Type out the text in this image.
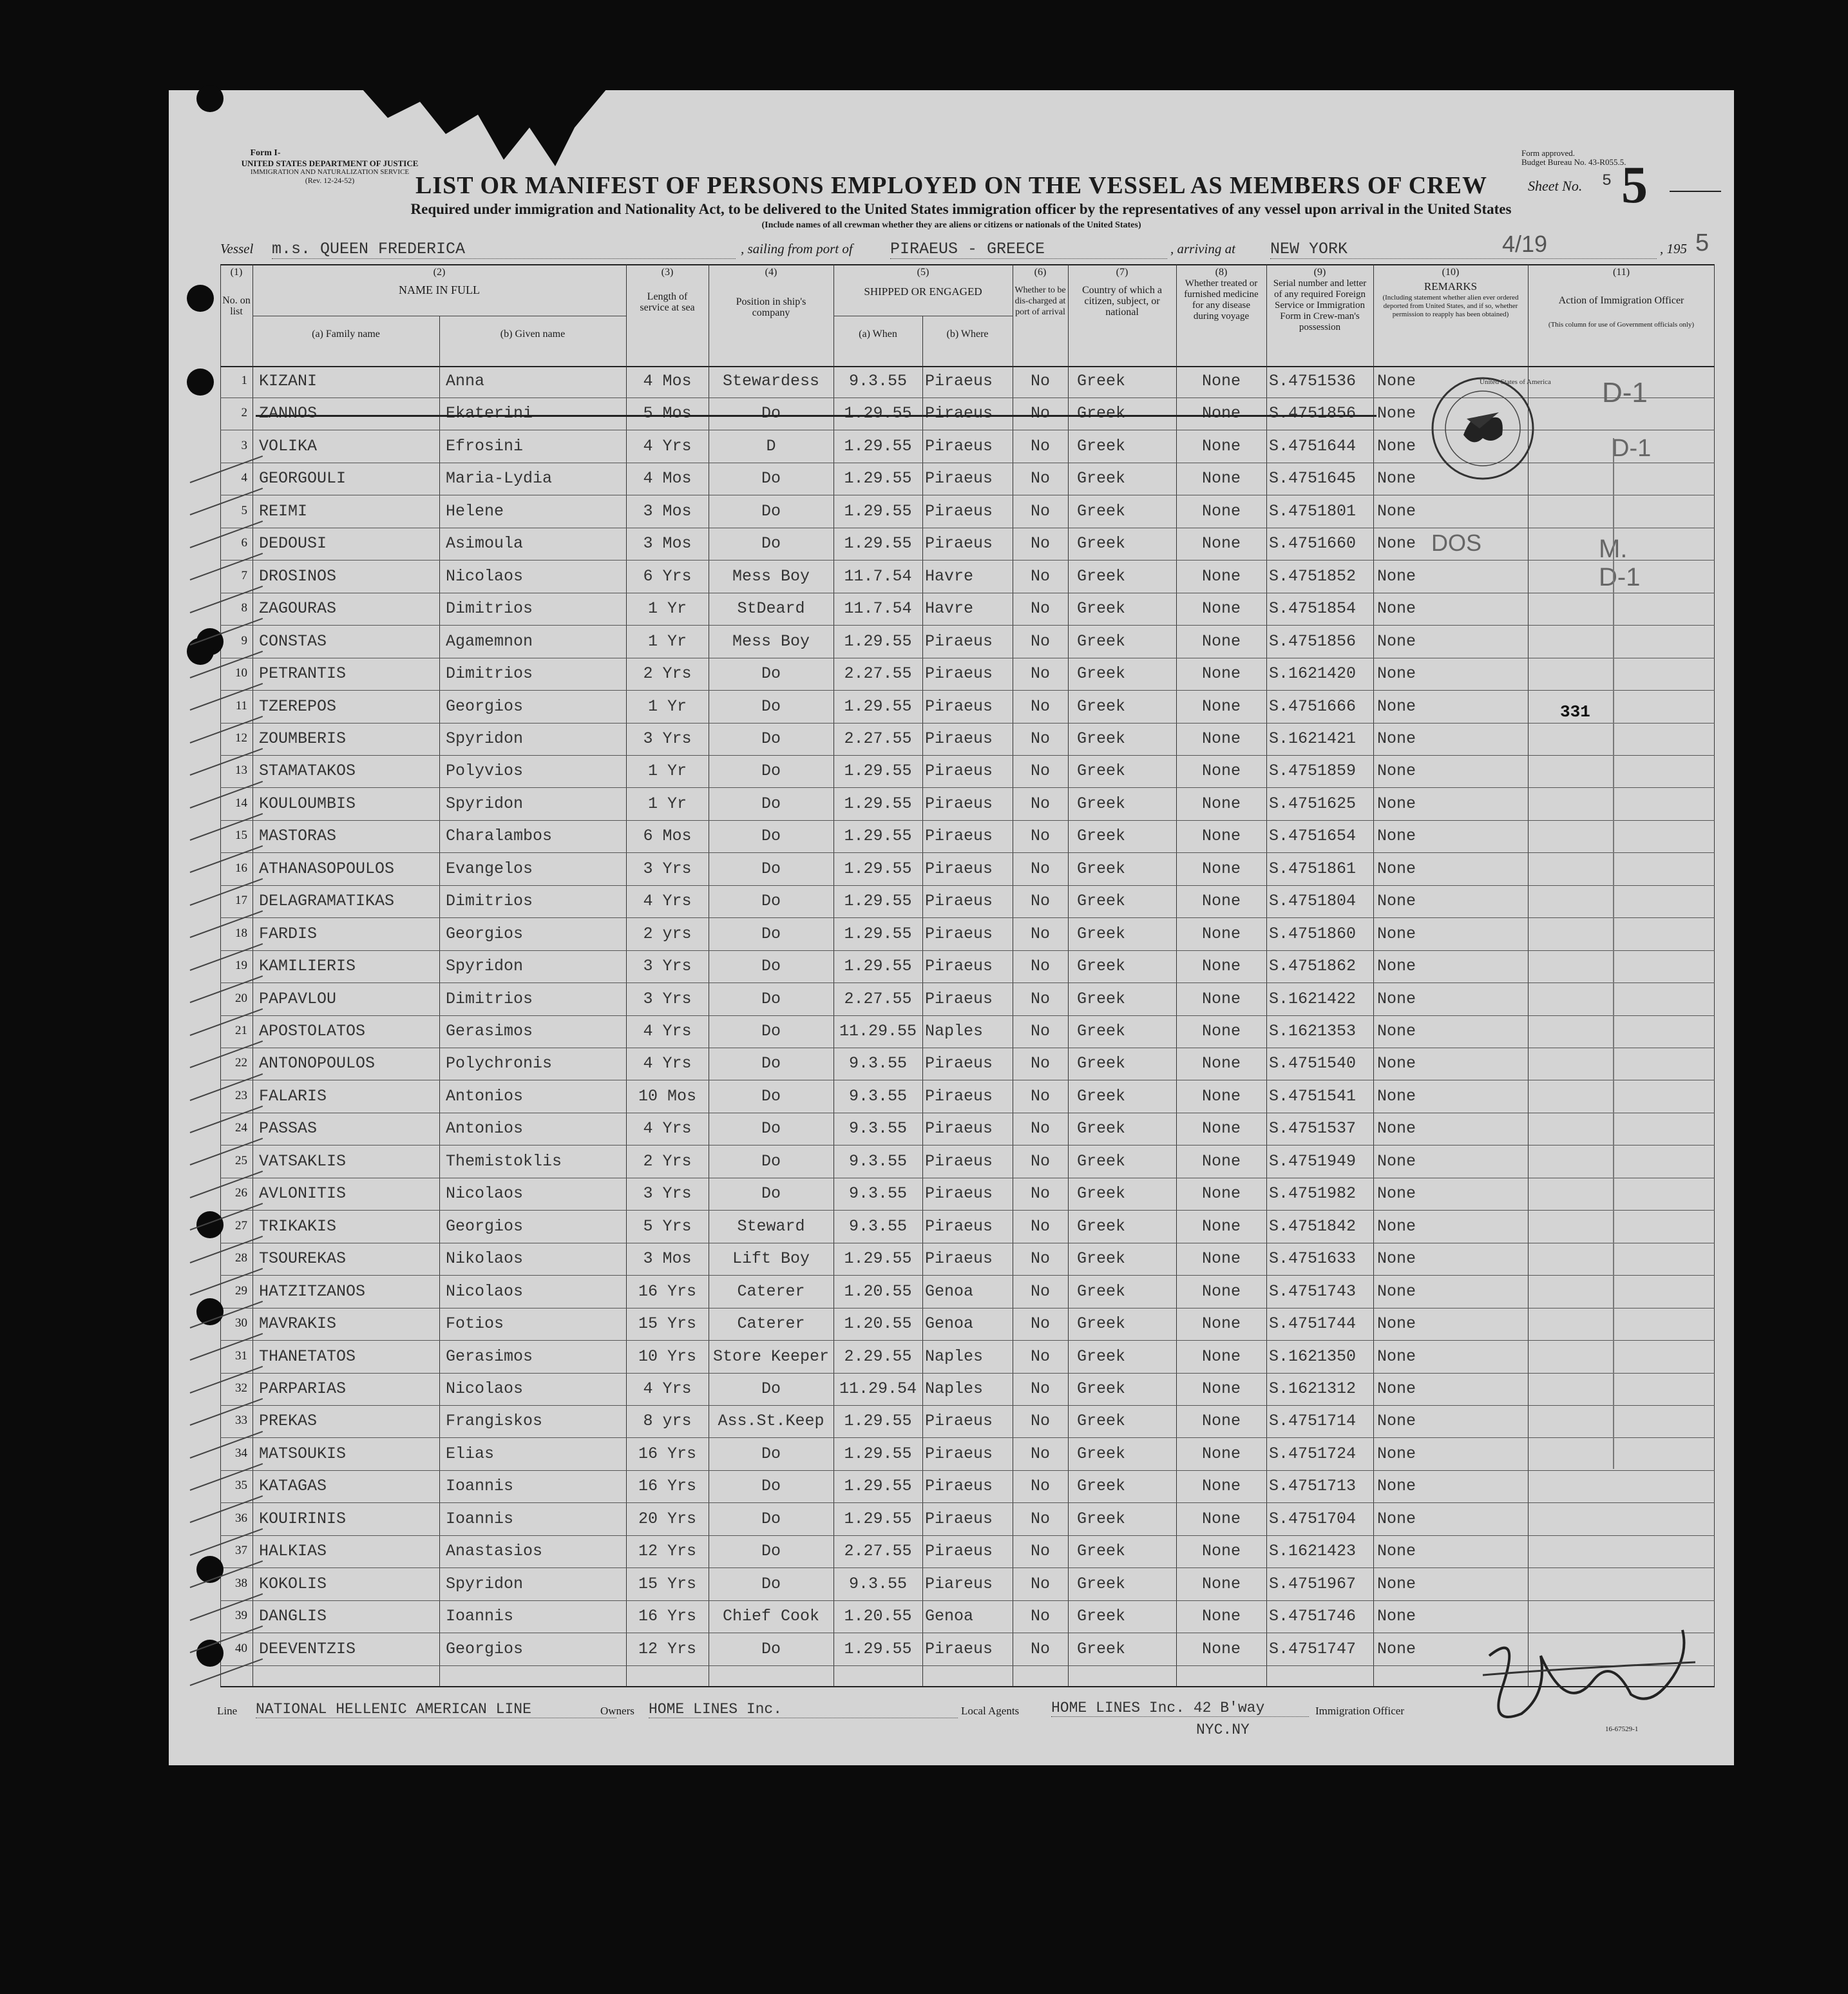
Form I-
UNITED STATES DEPARTMENT OF JUSTICE
IMMIGRATION AND NATURALIZATION SERVICE
(Rev. 12-24-52)
Form approved.
Budget Bureau No. 43-R055.5.
LIST OR MANIFEST OF PERSONS EMPLOYED ON THE VESSEL AS MEMBERS OF CREW
Required under immigration and Nationality Act, to be delivered to the United States immigration officer by the representatives of any vessel upon arrival in the United States
(Include names of all crewman whether they are aliens or citizens or nationals of the United States)
Sheet No. 5 5
Vessel m.s. QUEEN FREDERICA	, sailing from port of PIRAEUS - GREECE	, arriving at NEW YORK	4/19	, 195 5
(1)
No. on list
(2)
NAME IN FULL
(a) Family name	(b) Given name
(3)
Length of service at sea
(4)
Position in ship's company
(5)
SHIPPED OR ENGAGED
(a) When	(b) Where
(6)
Whether to be dis-charged at port of arrival
(7)
Country of which a citizen, subject, or national
(8)
Whether treated or furnished medicine for any disease during voyage
(9)
Serial number and letter of any required Foreign Service or Immigration Form in Crew-man's possession
(10)
REMARKS
(Including statement whether alien ever ordered deported from United States, and if so, whether permission to reapply has been obtained)
(11)
Action of Immigration Officer
(This column for use of Government officials only)
1 KIZANI	Anna	4 Mos	Stewardess	9.3.55	Piraeus	No	Greek	None	S.4751536	None
2 ZANNOS	Ekaterini	5 Mos	Do	1.29.55 Piraeus	No	Greek	None	S.4751856	None
3 VOLIKA	Efrosini	4 Yrs	D	1.29.55 Piraeus	No	Greek	None	S.4751644	None
4 GEORGOULI	Maria-Lydia	4 Mos	Do	1.29.55 Piraeus	No	Greek	None	S.4751645	None
5 REIMI	Helene	3 Mos	Do	1.29.55 Piraeus	No	Greek	None	S.4751801	None
6 DEDOUSI	Asimoula	3 Mos	Do	1.29.55 Piraeus	No	Greek	None	S.4751660	None
7 DROSINOS	Nicolaos	6 Yrs	Mess Boy	11.7.54 Havre	No	Greek	None	S.4751852	None
8 ZAGOURAS	Dimitrios	1 Yr	StDeard	11.7.54 Havre	No	Greek	None	S.4751854	None
9 CONSTAS	Agamemnon	1 Yr	Mess Boy	1.29.55 Piraeus	No	Greek	None	S.4751856	None
10 PETRANTIS	Dimitrios	2 Yrs	Do	2.27.55 Piraeus	No	Greek	None	S.1621420	None
11 TZEREPOS	Georgios	1 Yr	Do	1.29.55 Piraeus	No	Greek	None	S.4751666	None
12 ZOUMBERIS	Spyridon	3 Yrs	Do	2.27.55 Piraeus	No	Greek	None	S.1621421	None
13 STAMATAKOS	Polyvios	1 Yr	Do	1.29.55 Piraeus	No	Greek	None	S.4751859	None
14 KOULOUMBIS	Spyridon	1 Yr	Do	1.29.55 Piraeus	No	Greek	None	S.4751625	None
15 MASTORAS	Charalambos	6 Mos	Do	1.29.55 Piraeus	No	Greek	None	S.4751654	None
16 ATHANASOPOULOS	Evangelos	3 Yrs	Do	1.29.55 Piraeus	No	Greek	None	S.4751861	None
17 DELAGRAMATIKAS	Dimitrios	4 Yrs	Do	1.29.55 Piraeus	No	Greek	None	S.4751804	None
18 FARDIS	Georgios	2 yrs	Do	1.29.55 Piraeus	No	Greek	None	S.4751860	None
19 KAMILIERIS	Spyridon	3 Yrs	Do	1.29.55 Piraeus	No	Greek	None	S.4751862	None
20 PAPAVLOU	Dimitrios	3 Yrs	Do	2.27.55 Piraeus	No	Greek	None	S.1621422	None
21 APOSTOLATOS	Gerasimos	4 Yrs	Do	11.29.55 Naples	No	Greek	None	S.1621353	None
22 ANTONOPOULOS	Polychronis	4 Yrs	Do	9.3.55	Piraeus	No	Greek	None	S.4751540	None
23 FALARIS	Antonios	10 Mos	Do	9.3.55	Piraeus	No	Greek	None	S.4751541	None
24 PASSAS	Antonios	4 Yrs	Do	9.3.55	Piraeus	No	Greek	None	S.4751537	None
25 VATSAKLIS	Themistoklis	2 Yrs	Do	9.3.55	Piraeus	No	Greek	None	S.4751949	None
26 AVLONITIS	Nicolaos	3 Yrs	Do	9.3.55	Piraeus	No	Greek	None	S.4751982	None
27 TRIKAKIS	Georgios	5 Yrs	Steward	9.3.55	Piraeus	No	Greek	None	S.4751842	None
28 TSOUREKAS	Nikolaos	3 Mos	Lift Boy	1.29.55 Piraeus	No	Greek	None	S.4751633	None
29 HATZITZANOS	Nicolaos	16 Yrs	Caterer	1.20.55 Genoa	No	Greek	None	S.4751743	None
30 MAVRAKIS	Fotios	15 Yrs	Caterer	1.20.55 Genoa	No	Greek	None	S.4751744	None
31 THANETATOS	Gerasimos	10 Yrs	Store Keeper 2.29.55 Naples	No	Greek	None	S.1621350	None
32 PARPARIAS	Nicolaos	4 Yrs	Do	11.29.54 Naples	No	Greek	None	S.1621312	None
33 PREKAS	Frangiskos	8 yrs	Ass.St.Keep	1.29.55 Piraeus	No	Greek	None	S.4751714	None
34 MATSOUKIS	Elias	16 Yrs	Do	1.29.55 Piraeus	No	Greek	None	S.4751724	None
35 KATAGAS	Ioannis	16 Yrs	Do	1.29.55 Piraeus	No	Greek	None	S.4751713	None
36 KOUIRINIS	Ioannis	20 Yrs	Do	1.29.55 Piraeus	No	Greek	None	S.4751704	None
37 HALKIAS	Anastasios	12 Yrs	Do	2.27.55 Piraeus	No	Greek	None	S.1621423	None
38 KOKOLIS	Spyridon	15 Yrs	Do	9.3.55	Piareus	No	Greek	None	S.4751967	None
39 DANGLIS	Ioannis	16 Yrs	Chief Cook	1.20.55 Genoa	No	Greek	None	S.4751746	None
40 DEEVENTZIS	Georgios	12 Yrs	Do	1.29.55 Piraeus	No	Greek	None	S.4751747	None
United States of America D-1
D-1
M.
D-1
DOS
331
Line NATIONAL HELLENIC AMERICAN LINE	Owners HOME LINES Inc.	Local Agents HOME LINES Inc. 42 B'way
NYC.NY
Immigration Officer
16-67529-1
